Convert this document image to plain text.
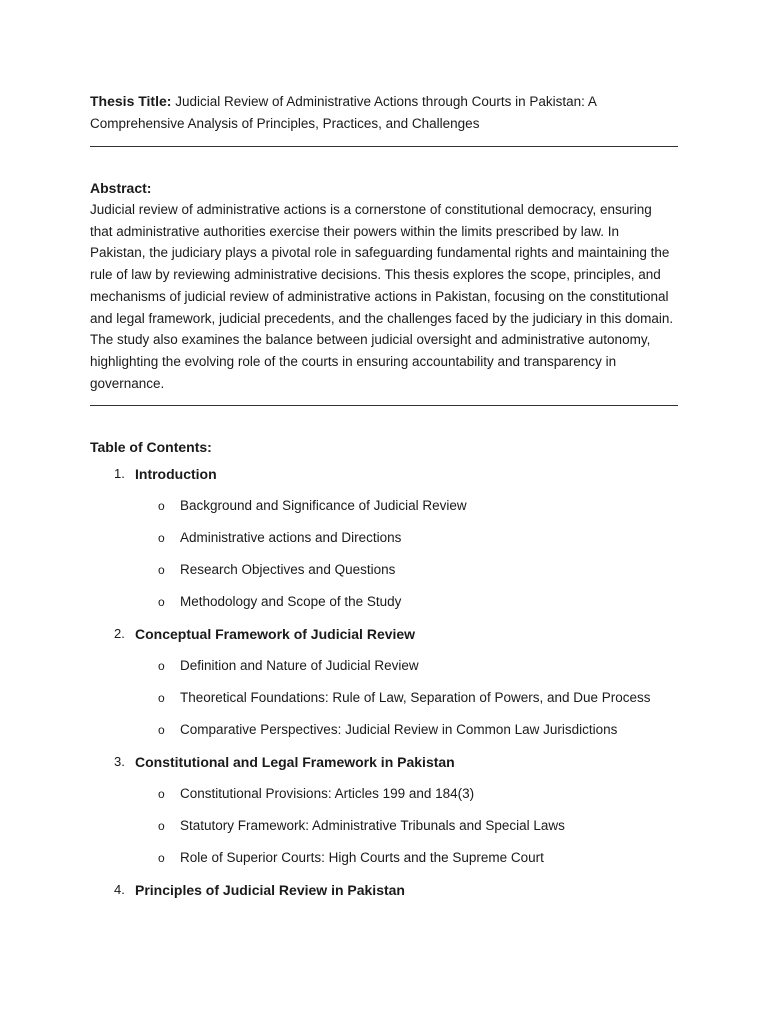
Thesis Title: Judicial Review of Administrative Actions through Courts in Pakistan: A Comprehensive Analysis of Principles, Practices, and Challenges
Abstract:

Judicial review of administrative actions is a cornerstone of constitutional democracy, ensuring that administrative authorities exercise their powers within the limits prescribed by law. In Pakistan, the judiciary plays a pivotal role in safeguarding fundamental rights and maintaining the rule of law by reviewing administrative decisions. This thesis explores the scope, principles, and mechanisms of judicial review of administrative actions in Pakistan, focusing on the constitutional and legal framework, judicial precedents, and the challenges faced by the judiciary in this domain. The study also examines the balance between judicial oversight and administrative autonomy, highlighting the evolving role of the courts in ensuring accountability and transparency in governance.

Table of Contents:
1. Introduction
o Background and Significance of Judicial Review
o Administrative actions and Directions
o Research Objectives and Questions
o Methodology and Scope of the Study
2. Conceptual Framework of Judicial Review
o Definition and Nature of Judicial Review
o Theoretical Foundations: Rule of Law, Separation of Powers, and Due Process
o Comparative Perspectives: Judicial Review in Common Law Jurisdictions
3. Constitutional and Legal Framework in Pakistan
o Constitutional Provisions: Articles 199 and 184(3)
o Statutory Framework: Administrative Tribunals and Special Laws
o Role of Superior Courts: High Courts and the Supreme Court
4. Principles of Judicial Review in Pakistan
